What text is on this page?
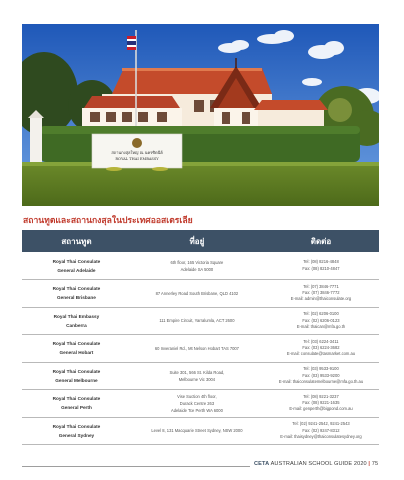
สถานกงสุลใหญ่ ณ นครซิดนีย์
ROYAL THAI EMBASSY
สถานทูตและสถานกงสุลในประเทศออสเตรเลีย
สถานทูต	ที่อยู่	ติดต่อ

Royal Thai Consulate
General Adelaide	6th floor, 165 Victoria Square
Adelaide SA 5000	Tel: (08) 8216-4848
Fax: (08) 8210-4847

Royal Thai Consulate
General Brisbane	87 Annerley Road South Brisbane, QLD 4102	Tel: (07) 3846-7771
Fax: (07) 3846-7772
E-mail: admin@thaiconsulate.org

Royal Thai Embassy
Canberra	111 Empire Circuit, Yarralumla, ACT 2600	Tel: (02) 6206-0100
Fax: (02) 6206-0123
E-mail: thaican@mfa.go.th

Royal Thai Consulate
General Hobart	60 Inveraniel Rd., Mt Nelson Hobart TAS 7007	Tel: (03) 6224-3411
Fax: (03) 6224-3682
E-mail: consulate@tasmarket.com.au

Royal Thai Consulate
General Melbourne	Suite 301, 566 St. Kilda Road,
Melbourne Vic 3004	Tel: (03) 9533-9100
Fax: (03) 9533-9200
E-mail: thaiconsulatemelbourne@mfa.go.th.au

Royal Thai Consulate
General Perth	Vise Suction 4th floor,
Durack Centre 263
Adelaide Tce Perth WA 6000	Tel: (08) 9221-3237
Fax: (08) 9221-1635
E-mail: genperth@bigpond.com.au

Royal Thai Consulate
General Sydney	Level 8, 131 Macquarie Street Sydney, NSW 2000	Tel: (02) 9241-2542, 9241-2543
Fax: (02) 9247-8312
E-mail: thaisydney@thaiconsulatesydney.org
CETA AUSTRALIAN SCHOOL GUIDE 2020 | 75
